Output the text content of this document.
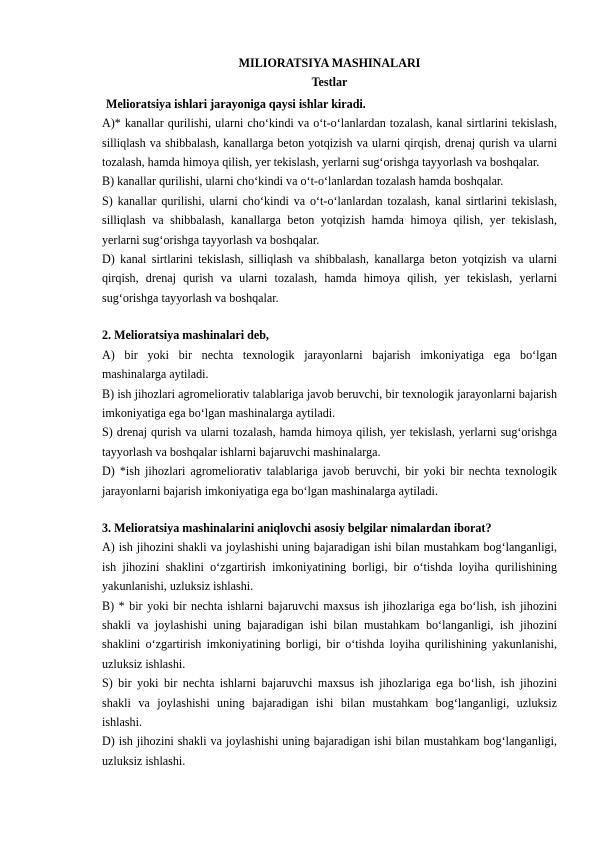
MILIORATSIYA MASHINALARI

Testlar

Melioratsiya ishlari jarayoniga qaysi ishlar kiradi.

A)* kanallar qurilishi, ularni cho‘kindi va o‘t-o‘lanlardan tozalash, kanal sirtlarini tekislash, silliqlash va shibbalash, kanallarga beton yotqizish va ularni qirqish, drenaj qurish va ularni tozalash, hamda himoya qilish, yer tekislash, yerlarni sug‘orishga tayyorlash va boshqalar.

B) kanallar qurilishi, ularni cho‘kindi va o‘t-o‘lanlardan tozalash hamda boshqalar.

S) kanallar qurilishi, ularni cho‘kindi va o‘t-o‘lanlardan tozalash, kanal sirtlarini tekislash, silliqlash va shibbalash, kanallarga beton yotqizish hamda himoya qilish, yer tekislash, yerlarni sug‘orishga tayyorlash va boshqalar.

D) kanal sirtlarini tekislash, silliqlash va shibbalash, kanallarga beton yotqizish va ularni qirqish, drenaj qurish va ularni tozalash, hamda himoya qilish, yer tekislash, yerlarni sug‘orishga tayyorlash va boshqalar.

2. Melioratsiya mashinalari deb,

A) bir yoki bir nechta texnologik jarayonlarni bajarish imkoniyatiga ega bo‘lgan mashinalarga aytiladi.

B) ish jihozlari agromeliorativ talablariga javob beruvchi, bir texnologik jarayonlarni bajarish imkoniyatiga ega bo‘lgan mashinalarga aytiladi.

S) drenaj qurish va ularni tozalash, hamda himoya qilish, yer tekislash, yerlarni sug‘orishga tayyorlash va boshqalar ishlarni bajaruvchi mashinalarga.

D) *ish jihozlari agromeliorativ talablariga javob beruvchi, bir yoki bir nechta texnologik jarayonlarni bajarish imkoniyatiga ega bo‘lgan mashinalarga aytiladi.

3. Melioratsiya mashinalarini aniqlovchi asosiy belgilar nimalardan iborat?

A) ish jihozini shakli va joylashishi uning bajaradigan ishi bilan mustahkam bog‘langanligi, ish jihozini shaklini o‘zgartirish imkoniyatining borligi, bir o‘tishda loyiha qurilishining yakunlanishi, uzluksiz ishlashi.

B) * bir yoki bir nechta ishlarni bajaruvchi maxsus ish jihozlariga ega bo‘lish, ish jihozini shakli va joylashishi uning bajaradigan ishi bilan mustahkam bo‘langanligi, ish jihozini shaklini o‘zgartirish imkoniyatining borligi, bir o‘tishda loyiha qurilishining yakunlanishi, uzluksiz ishlashi.

S) bir yoki bir nechta ishlarni bajaruvchi maxsus ish jihozlariga ega bo‘lish, ish jihozini shakli va joylashishi uning bajaradigan ishi bilan mustahkam bog‘langanligi, uzluksiz ishlashi.

D) ish jihozini shakli va joylashishi uning bajaradigan ishi bilan mustahkam bog‘langanligi, uzluksiz ishlashi.
